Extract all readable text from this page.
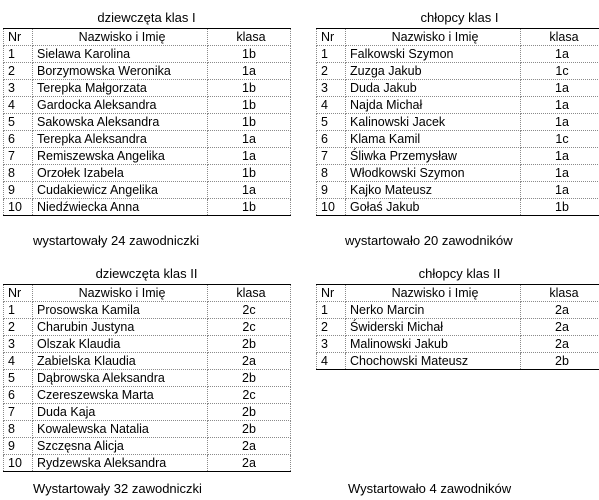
dziewczęta klas I
Nr	Nazwisko i Imię	klasa
1	Sielawa Karolina	1b
2	Borzymowska Weronika	1a
3	Terepka Małgorzata	1b
4	Gardocka Aleksandra	1b
5	Sakowska Aleksandra	1b
6	Terepka Aleksandra	1a
7	Remiszewska Angelika	1a
8	Orzołek Izabela	1b
9	Cudakiewicz Angelika	1a
10	Niedźwiecka Anna	1b
chłopcy klas I
Nr	Nazwisko i Imię	klasa
1	Falkowski Szymon	1a
2	Zuzga Jakub	1c
3	Duda Jakub	1a
4	Najda Michał	1a
5	Kalinowski Jacek	1a
6	Klama Kamil	1c
7	Śliwka Przemysław	1a
8	Włodkowski Szymon	1a
9	Kajko Mateusz	1a
10	Gołaś Jakub	1b
dziewczęta klas II
Nr	Nazwisko i Imię	klasa
1	Prosowska Kamila	2c
2	Charubin Justyna	2c
3	Olszak Klaudia	2b
4	Zabielska Klaudia	2a
5	Dąbrowska Aleksandra	2b
6	Czereszewska Marta	2c
7	Duda Kaja	2b
8	Kowalewska Natalia	2b
9	Szczęsna Alicja	2a
10	Rydzewska Aleksandra	2a
chłopcy klas II
Nr	Nazwisko i Imię	klasa
1	Nerko Marcin	2a
2	Świderski Michał	2a
3	Malinowski Jakub	2a
4	Chochowski Mateusz	2b
wystartowały 24 zawodniczki	wystartowało 20 zawodników
Wystartowały 32 zawodniczki	Wystartowało 4 zawodników
